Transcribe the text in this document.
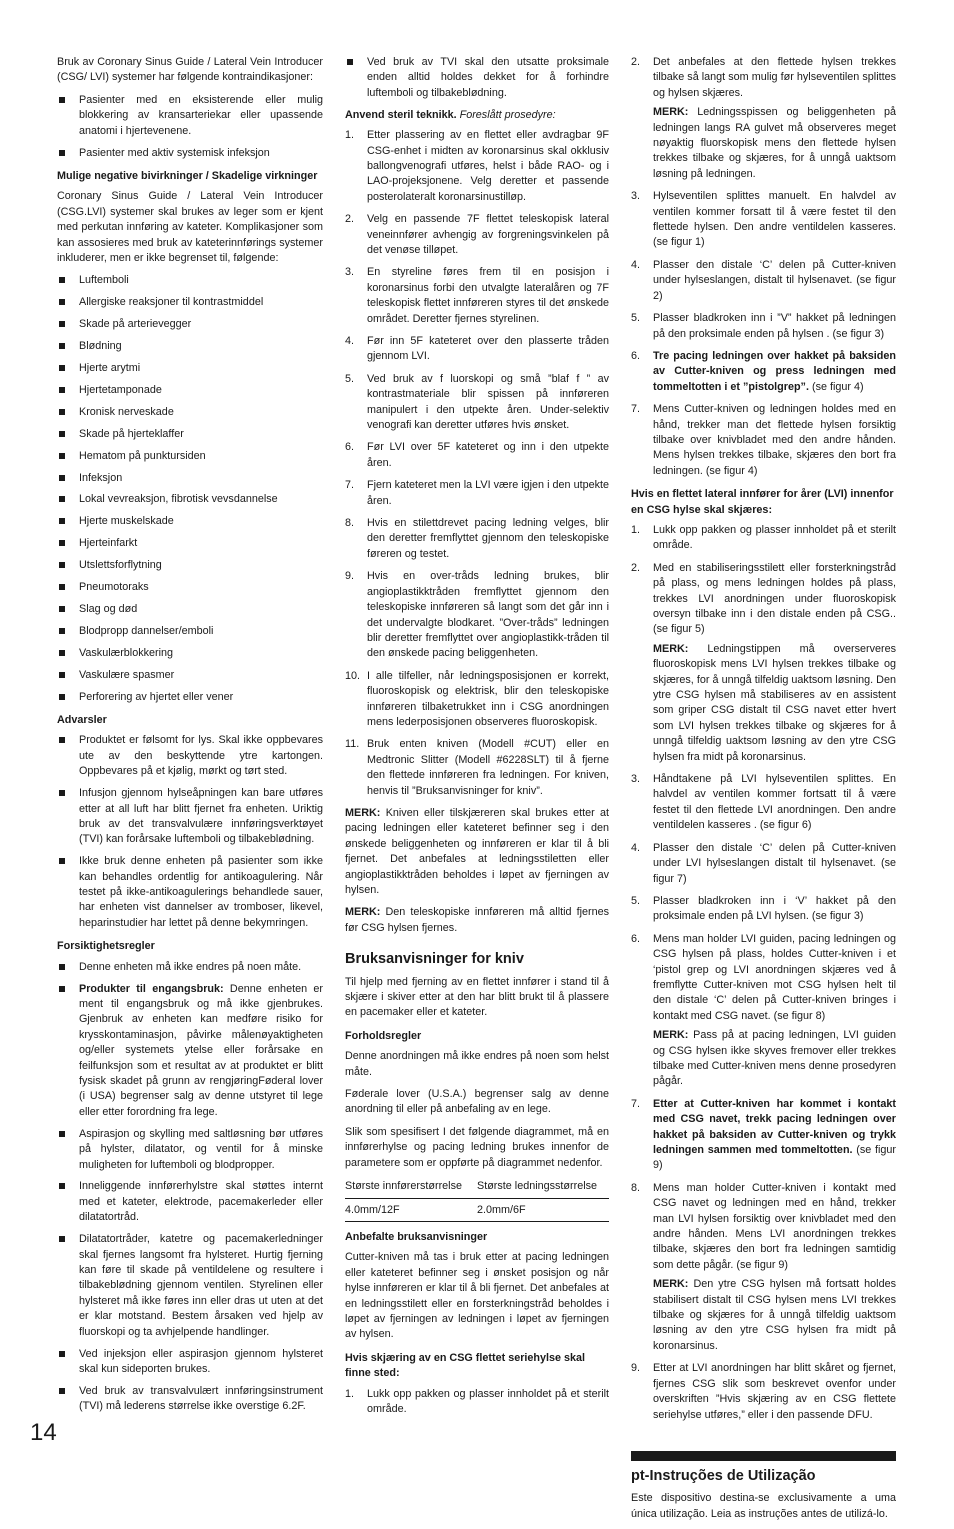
Bruk av Coronary Sinus Guide / Lateral Vein Introducer (CSG/ LVI) systemer har følgende kontraindikasjoner:

Pasienter med en eksisterende eller mulig blokkering av kransarteriekar eller upassende anatomi i hjertevenene.
Pasienter med aktiv systemisk infeksjon
Mulige negative bivirkninger / Skadelige virkninger

Coronary Sinus Guide / Lateral Vein Introducer (CSG.LVI) systemer skal brukes av leger som er kjent med perkutan innføring av kateter. Komplikasjoner som kan assosieres med bruk av kateterinnførings systemer inkluderer, men er ikke begrenset til, følgende:

Luftemboli
Allergiske reaksjoner til kontrastmiddel
Skade på arterievegger
Blødning
Hjerte arytmi
Hjertetamponade
Kronisk nerveskade
Skade på hjerteklaffer
Hematom på punktursiden
Infeksjon
Lokal vevreaksjon, fibrotisk vevsdannelse
Hjerte muskelskade
Hjerteinfarkt
Utslettsforflytning
Pneumotoraks
Slag og død
Blodpropp dannelser/emboli
Vaskulærblokkering
Vaskulære spasmer
Perforering av hjertet eller vener
Advarsler
Produktet er følsomt for lys. Skal ikke oppbevares ute av den beskyttende ytre kartongen. Oppbevares på et kjølig, mørkt og tørt sted.
Infusjon gjennom hylseåpningen kan bare utføres etter at all luft har blitt fjernet fra enheten. Uriktig bruk av det transvalvulære innføringsverktøyet (TVI) kan forårsake luftemboli og tilbakeblødning.
Ikke bruk denne enheten på pasienter som ikke kan behandles ordentlig for antikoagulering. Når testet på ikke-antikoagulerings behandlede sauer, har enheten vist dannelser av tromboser, likevel, heparinstudier har lettet på denne bekymringen.
Forsiktighetsregler
Denne enheten må ikke endres på noen måte.
Produkter til engangsbruk: Denne enheten er ment til engangsbruk og må ikke gjenbrukes. Gjenbruk av enheten kan medføre risiko for krysskontaminasjon, påvirke målenøyaktigheten og/eller systemets ytelse eller forårsake en feilfunksjon som et resultat av at produktet er blitt fysisk skadet på grunn av rengjøringFøderal lover (i USA) begrenser salg av denne utstyret til lege eller etter forordning fra lege.
Aspirasjon og skylling med saltløsning bør utføres på hylster, dilatator, og ventil for å minske muligheten for luftemboli og blodpropper.
Inneliggende innførerhylstre skal støttes internt med et kateter, elektrode, pacemakerleder eller dilatatortråd.
Dilatatortråder, katetre og pacemakerledninger skal fjernes langsomt fra hylsteret. Hurtig fjerning kan føre til skade på ventildelene og resultere i tilbakeblødning gjennom ventilen. Styrelinen eller hylsteret må ikke føres inn eller dras ut uten at det er klar motstand. Bestem årsaken ved hjelp av fluorskopi og ta avhjelpende handlinger.
Ved injeksjon eller aspirasjon gjennom hylsteret skal kun sideporten brukes.
Ved bruk av transvalvulært innføringsinstrument (TVI) må lederens størrelse ikke overstige 6.2F.
Ved bruk av TVI skal den utsatte proksimale enden alltid holdes dekket for å forhindre luftemboli og tilbakeblødning.
Anvend steril teknikk. Foreslått prosedyre:
1. Etter plassering av en flettet eller avdragbar 9F CSG-enhet i midten av koronarsinus skal okklusiv ballongvenografi utføres, helst i både RAO- og i LAO-projeksjonene. Velg deretter et passende posterolateralt koronarsinustilløp.
2. Velg en passende 7F flettet teleskopisk lateral veneinnfører avhengig av forgreningsvinkelen på det venøse tilløpet.
3. En styreline føres frem til en posisjon i koronarsinus forbi den utvalgte lateralåren og 7F teleskopisk flettet innføreren styres til det ønskede området. Deretter fjernes styrelinen.
4. Før inn 5F kateteret over den plasserte tråden gjennom LVI.
5. Ved bruk av f luorskopi og små ”blaf f ” av kontrastmateriale blir spissen på innføreren manipulert i den utpekte åren. Under-selektiv venografi kan deretter utføres hvis ønsket.
6. Før LVI over 5F kateteret og inn i den utpekte åren.
7. Fjern kateteret men la LVI være igjen i den utpekte åren.
8. Hvis en stilettdrevet pacing ledning velges, blir den deretter fremflyttet gjennom den teleskopiske føreren og testet.
9. Hvis en over-tråds ledning brukes, blir angioplastikktråden fremflyttet gjennom den teleskopiske innføreren så langt som det går inn i det undervalgte blodkaret. ”Over-tråds” ledningen blir deretter fremflyttet over angioplastikk-tråden til den ønskede pacing beliggenheten.
10. I alle tilfeller, når ledningsposisjonen er korrekt, fluoroskopisk og elektrisk, blir den teleskopiske innføreren tilbaketrukket inn i CSG anordningen mens lederposisjonen observeres fluoroskopisk.
11. Bruk enten kniven (Modell #CUT) eller en Medtronic Slitter (Modell #6228SLT) til å fjerne den flettede innføreren fra ledningen. For kniven, henvis til ”Bruksanvisninger for kniv”.

MERK: Kniven eller tilskjæreren skal brukes etter at pacing ledningen eller kateteret befinner seg i den ønskede beliggenheten og innføreren er klar til å bli fjernet. Det anbefales at ledningsstiletten eller angioplastikktråden beholdes i løpet av fjerningen av hylsen.

MERK: Den teleskopiske innføreren må alltid fjernes før CSG hylsen fjernes.

Bruksanvisninger for kniv

Til hjelp med fjerning av en flettet innfører i stand til å skjære i skiver etter at den har blitt brukt til å plassere en pacemaker eller et kateter.

Forholdsregler

Denne anordningen må ikke endres på noen som helst måte.

Føderale lover (U.S.A.) begrenser salg av denne anordning til eller på anbefaling av en lege.

Slik som spesifisert I det følgende diagrammet, må en innførerhylse og pacing ledning brukes innenfor de parametere som er oppførte på diagrammet nedenfor.

Største innførerstørrelse	Største ledningsstørrelse
4.0mm/12F	2.0mm/6F
Anbefalte bruksanvisninger

Cutter-kniven må tas i bruk etter at pacing ledningen eller kateteret befinner seg i ønsket posisjon og når hylse innføreren er klar til å bli fjernet. Det anbefales at en ledningsstilett eller en forsterkningstråd beholdes i løpet av fjerningen av ledningen i løpet av fjerningen av hylsen.

Hvis skjæring av en CSG flettet seriehylse skal finne sted:
1. Lukk opp pakken og plasser innholdet på et sterilt område.
2. Det anbefales at den flettede hylsen trekkes tilbake så langt som mulig før hylseventilen splittes og hylsen skjæres.
MERK: Ledningsspissen og beliggenheten på ledningen langs RA gulvet må observeres meget nøyaktig fluorskopisk mens den flettede hylsen trekkes tilbake og skjæres, for å unngå uaktsom løsning på ledningen.
3. Hylseventilen splittes manuelt. En halvdel av ventilen kommer forsatt til å være festet til den flettede hylsen. Den andre ventildelen kasseres. (se figur 1)
4. Plasser den distale ‘C’ delen på Cutter-kniven under hylseslangen, distalt til hylsenavet. (se figur 2)
5. Plasser bladkroken inn i ”V” hakket på ledningen på den proksimale enden på hylsen . (se figur 3)
6. Tre pacing ledningen over hakket på baksiden av Cutter-kniven og press ledningen med tommeltotten i et ”pistolgrep”. (se figur 4)
7. Mens Cutter-kniven og ledningen holdes med en hånd, trekker man det flettede hylsen forsiktig tilbake over knivbladet med den andre hånden. Mens hylsen trekkes tilbake, skjæres den bort fra ledningen. (se figur 4)
Hvis en flettet lateral innfører for årer (LVI) innenfor en CSG hylse skal skjæres:
1. Lukk opp pakken og plasser innholdet på et sterilt område.
2. Med en stabiliseringsstilett eller forsterkningstråd på plass, og mens ledningen holdes på plass, trekkes LVI anordningen under fluoroskopisk oversyn tilbake inn i den distale enden på CSG.. (se figur 5)
MERK: Ledningstippen må overserveres fluoroskopisk mens LVI hylsen trekkes tilbake og skjæres, for å unngå tilfeldig uaktsom løsning. Den ytre CSG hylsen må stabiliseres av en assistent som griper CSG distalt til CSG navet etter hvert som LVI hylsen trekkes tilbake og skjæres for å unngå tilfeldig uaktsom løsning av den ytre CSG hylsen fra midt på koronarsinus.
3. Håndtakene på LVI hylseventilen splittes. En halvdel av ventilen kommer fortsatt til å være festet til den flettede LVI anordningen. Den andre ventildelen kasseres . (se figur 6)
4. Plasser den distale ‘C’ delen på Cutter-kniven under LVI hylseslangen distalt til hylsenavet. (se figur 7)
5. Plasser bladkroken inn i ‘V’ hakket på den proksimale enden på LVI hylsen. (se figur 3)
6. Mens man holder LVI guiden, pacing ledningen og CSG hylsen på plass, holdes Cutter-kniven i et ‘pistol grep og LVI anordningen skjæres ved å fremflytte Cutter-kniven mot CSG hylsen helt til den distale ‘C’ delen på Cutter-kniven bringes i kontakt med CSG navet. (se figur 8)
MERK: Pass på at pacing ledningen, LVI guiden og CSG hylsen ikke skyves fremover eller trekkes tilbake med Cutter-kniven mens denne prosedyren pågår.
7. Etter at Cutter-kniven har kommet i kontakt med CSG navet, trekk pacing ledningen over hakket på baksiden av Cutter-kniven og trykk ledningen sammen med tommeltotten. (se figur 9)
8. Mens man holder Cutter-kniven i kontakt med CSG navet og ledningen med en hånd, trekker man LVI hylsen forsiktig over knivbladet med den andre hånden. Mens LVI anordningen trekkes tilbake, skjæres den bort fra ledningen samtidig som dette pågår. (se figur 9)
MERK: Den ytre CSG hylsen må fortsatt holdes stabilisert distalt til CSG hylsen mens LVI trekkes tilbake og skjæres for å unngå tilfeldig uaktsom løsning av den ytre CSG hylsen fra midt på koronarsinus.
9. Etter at LVI anordningen har blitt skåret og fjernet, fjernes CSG slik som beskrevet ovenfor under overskriften ”Hvis skjæring av en CSG flettete seriehylse utføres,” eller i den passende DFU.
pt-Instruções de Utilização

Este dispositivo destina-se exclusivamente a uma única utilização. Leia as instruções antes de utilizá-lo.

14
